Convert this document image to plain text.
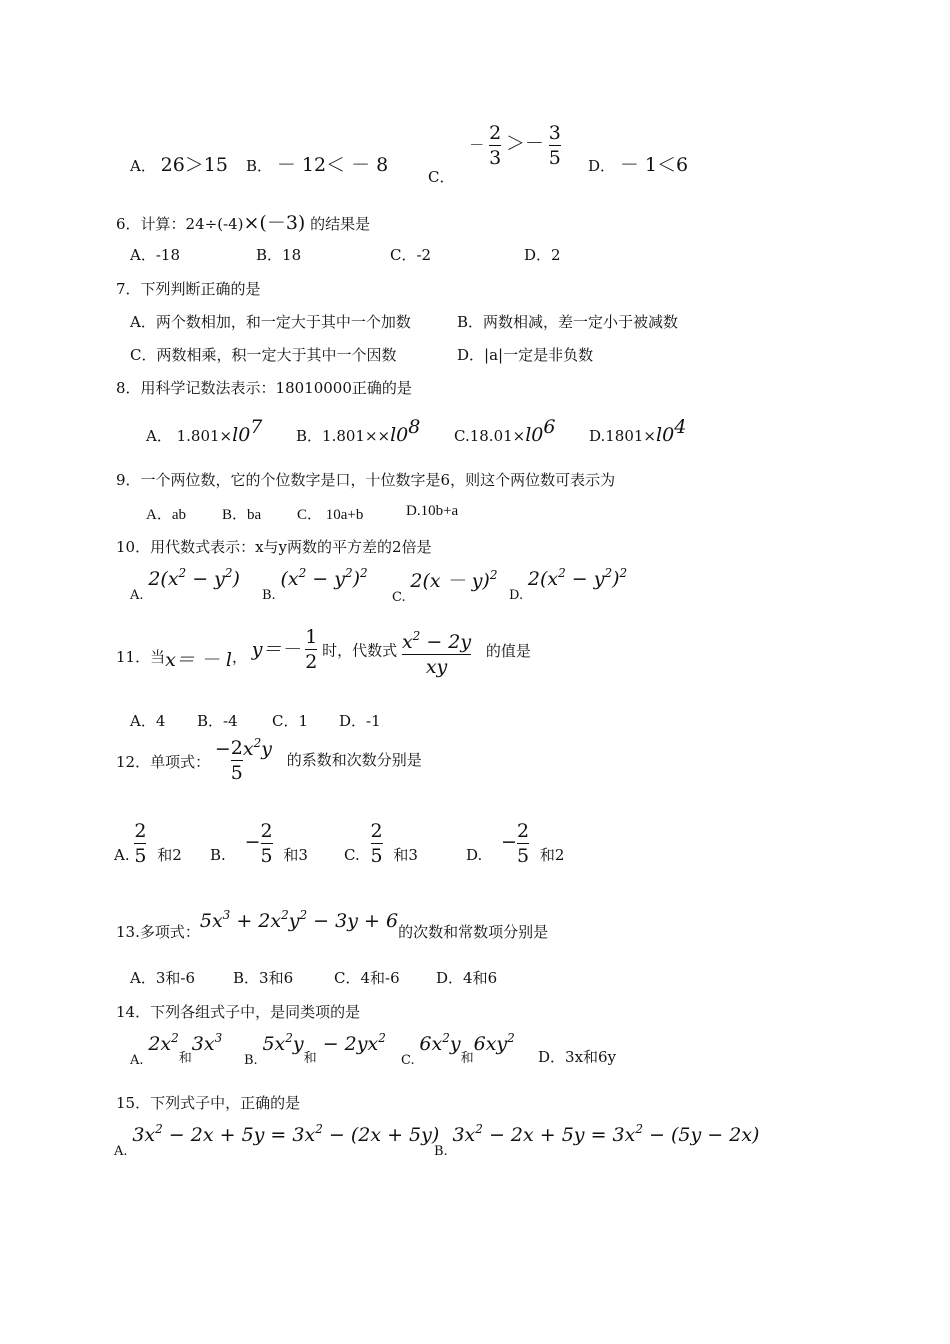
A． 26＞15 B． － 12＜ － 8
C． － $\frac{2}{3} >- \frac{3}{5}$ D． － 1＜6
6．计算：24÷(-4)×(－3) 的结果是
A．-18	B．18	C．-2	D．2
7．下列判断正确的是
A．两个数相加，和一定大于其中一个加数	B．两数相减，差一定小于被减数
C．两数相乘，积一定大于其中一个因数	D．|a|一定是非负数
8．用科学记数法表示：18010000正确的是
A． $1.801\times l0^7$ B．$1.801\times\times l0^8$ $C.18.01\times l0^6$ $D.1801\times l0^4$
9．一个两位数，它的个位数字是口，十位数字是6，则这个两位数可表示为
A．ab B．ba C． 10a+b	D.10b+a
10．用代数式表示：x与y两数的平方差的2倍是
A. $2(x^2 - y^2)$
B. $(x^2 - y^2)^2$
C. $2(x - y)^2$
D. $2(x^2 - y^2)^2$
11．当x＝ － l， $y=- \frac{1}{2}$ 时，代数式 $\frac{x^2 - 2y}{xy}$ 的值是
A．4 B．-4 C．1 D．-1
12．单项式： − $\frac{2}{5} x^2y$ 的系数和次数分别是
A. $\frac{2}{5}$ 和2 B. − $\frac{2}{5}$ 和3 C. $\frac{2}{5}$ 和3	D. − $\frac{2}{5}$ 和2
13.多项式：$5x^3 + 2x^2y^2 - 3y + 6$的次数和常数项分别是
A．3和-6	B．3和6	C．4和-6 D．4和6
14．下列各组式子中，是同类项的是
A. $2x^2$和$3x^3$
B. $5x^2y$和 − $2yx^2$
C. $6x^2y$和$6xy^2$
D．3x和6y
15．下列式子中，正确的是
A. $3x^2 - 2x + 5y = 3x^2 - (2x + 5y)$
B. $3x^2 - 2x + 5y = 3x^2 - (5y - 2x)$
